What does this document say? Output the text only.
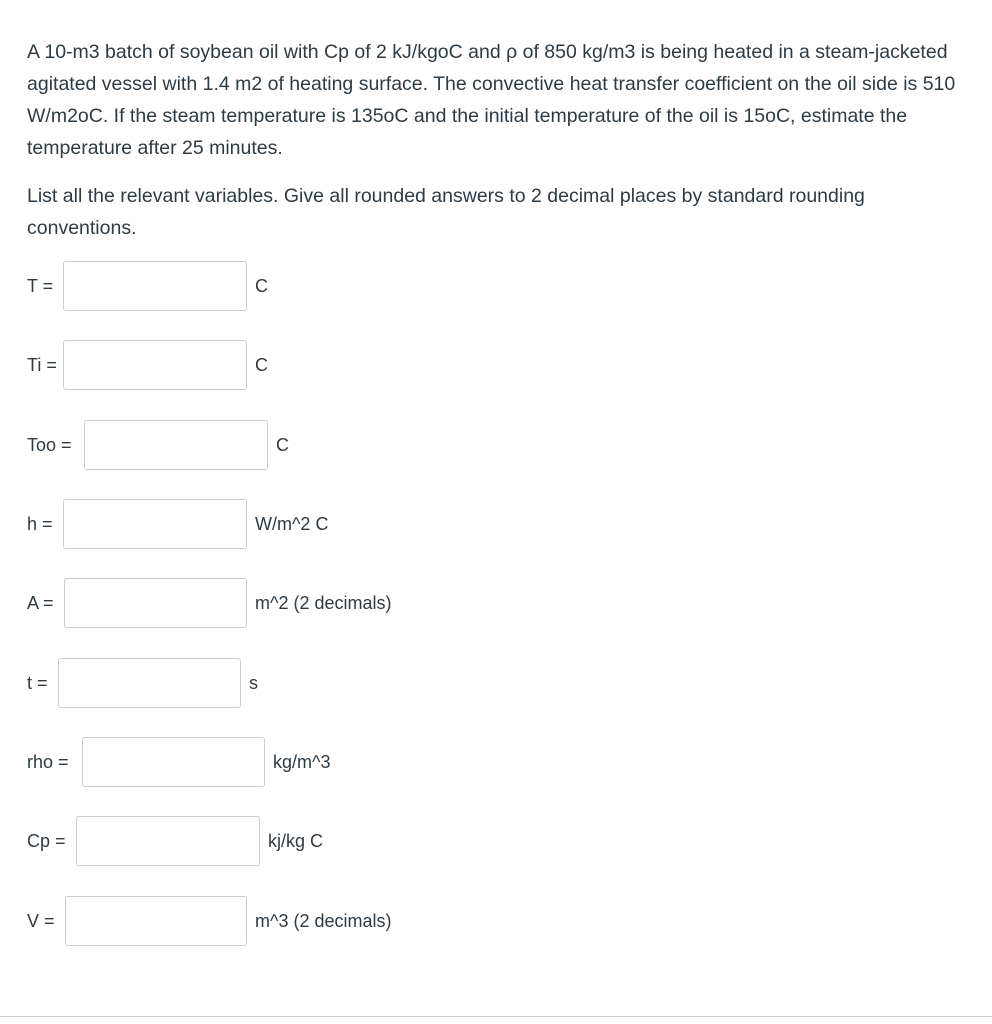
A 10-m3 batch of soybean oil with Cp of 2 kJ/kgoC and ρ of 850 kg/m3 is being heated in a steam-jacketed agitated vessel with 1.4 m2 of heating surface. The convective heat transfer coefficient on the oil side is 510 W/m2oC. If the steam temperature is 135oC and the initial temperature of the oil is 15oC, estimate the temperature after 25 minutes.

List all the relevant variables. Give all rounded answers to 2 decimal places by standard rounding conventions.

T =	C
Ti =	C
Too =	C
h =	W/m^2 C
A =	m^2 (2 decimals)
t =	s
rho =	kg/m^3
Cp =	kj/kg C
V =	m^3 (2 decimals)
